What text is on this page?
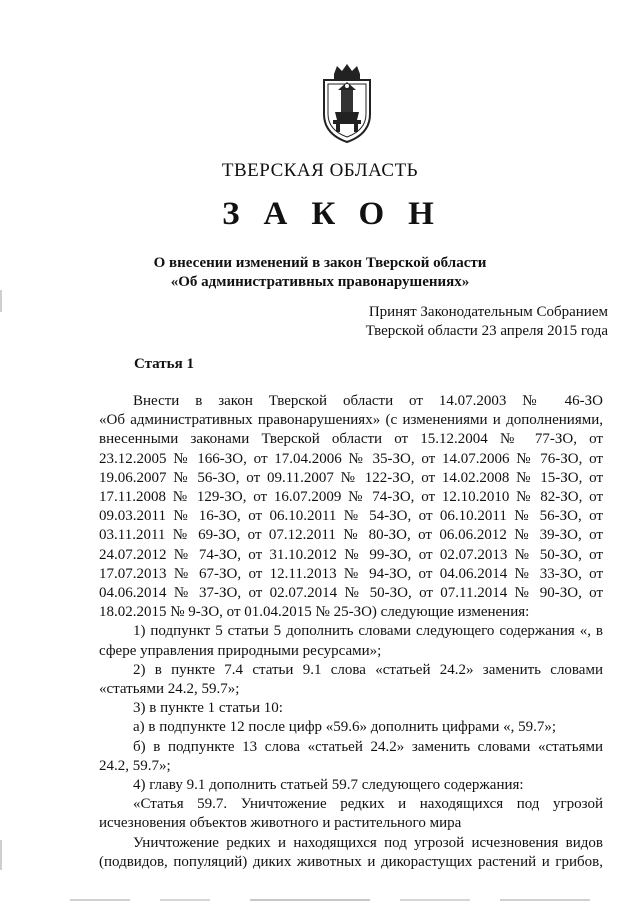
ТВЕРСКАЯ ОБЛАСТЬ
ЗАКОН
О внесении изменений в закон Тверской области
«Об административных правонарушениях»
Принят Законодательным Собранием
Тверской области 23 апреля 2015 года
Статья 1

Внести в закон Тверской области от 14.07.2003 № 46-ЗО

«Об административных правонарушениях» (с изменениями и дополнениями,

внесенными законами Тверской области от 15.12.2004 № 77-ЗО, от

23.12.2005 № 166-ЗО, от 17.04.2006 № 35-ЗО, от 14.07.2006 № 76-ЗО, от

19.06.2007 № 56-ЗО, от 09.11.2007 № 122-ЗО, от 14.02.2008 № 15-ЗО, от

17.11.2008 № 129-ЗО, от 16.07.2009 № 74-ЗО, от 12.10.2010 № 82-ЗО, от

09.03.2011 № 16-ЗО, от 06.10.2011 № 54-ЗО, от 06.10.2011 № 56-ЗО, от

03.11.2011 № 69-ЗО, от 07.12.2011 № 80-ЗО, от 06.06.2012 № 39-ЗО, от

24.07.2012 № 74-ЗО, от 31.10.2012 № 99-ЗО, от 02.07.2013 № 50-ЗО, от

17.07.2013 № 67-ЗО, от 12.11.2013 № 94-ЗО, от 04.06.2014 № 33-ЗО, от

04.06.2014 № 37-ЗО, от 02.07.2014 № 50-ЗО, от 07.11.2014 № 90-ЗО, от

18.02.2015 № 9-ЗО, от 01.04.2015 № 25-ЗО) следующие изменения:

1) подпункт 5 статьи 5 дополнить словами следующего содержания «, в

сфере управления природными ресурсами»;

2) в пункте 7.4 статьи 9.1 слова «статьей 24.2» заменить словами

«статьями 24.2, 59.7»;

3) в пункте 1 статьи 10:

а) в подпункте 12 после цифр «59.6» дополнить цифрами «, 59.7»;

б) в подпункте 13 слова «статьей 24.2» заменить словами «статьями

24.2, 59.7»;

4) главу 9.1 дополнить статьей 59.7 следующего содержания:

«Статья 59.7. Уничтожение редких и находящихся под угрозой

исчезновения объектов животного и растительного мира

Уничтожение редких и находящихся под угрозой исчезновения видов

(подвидов, популяций) диких животных и дикорастущих растений и грибов,
